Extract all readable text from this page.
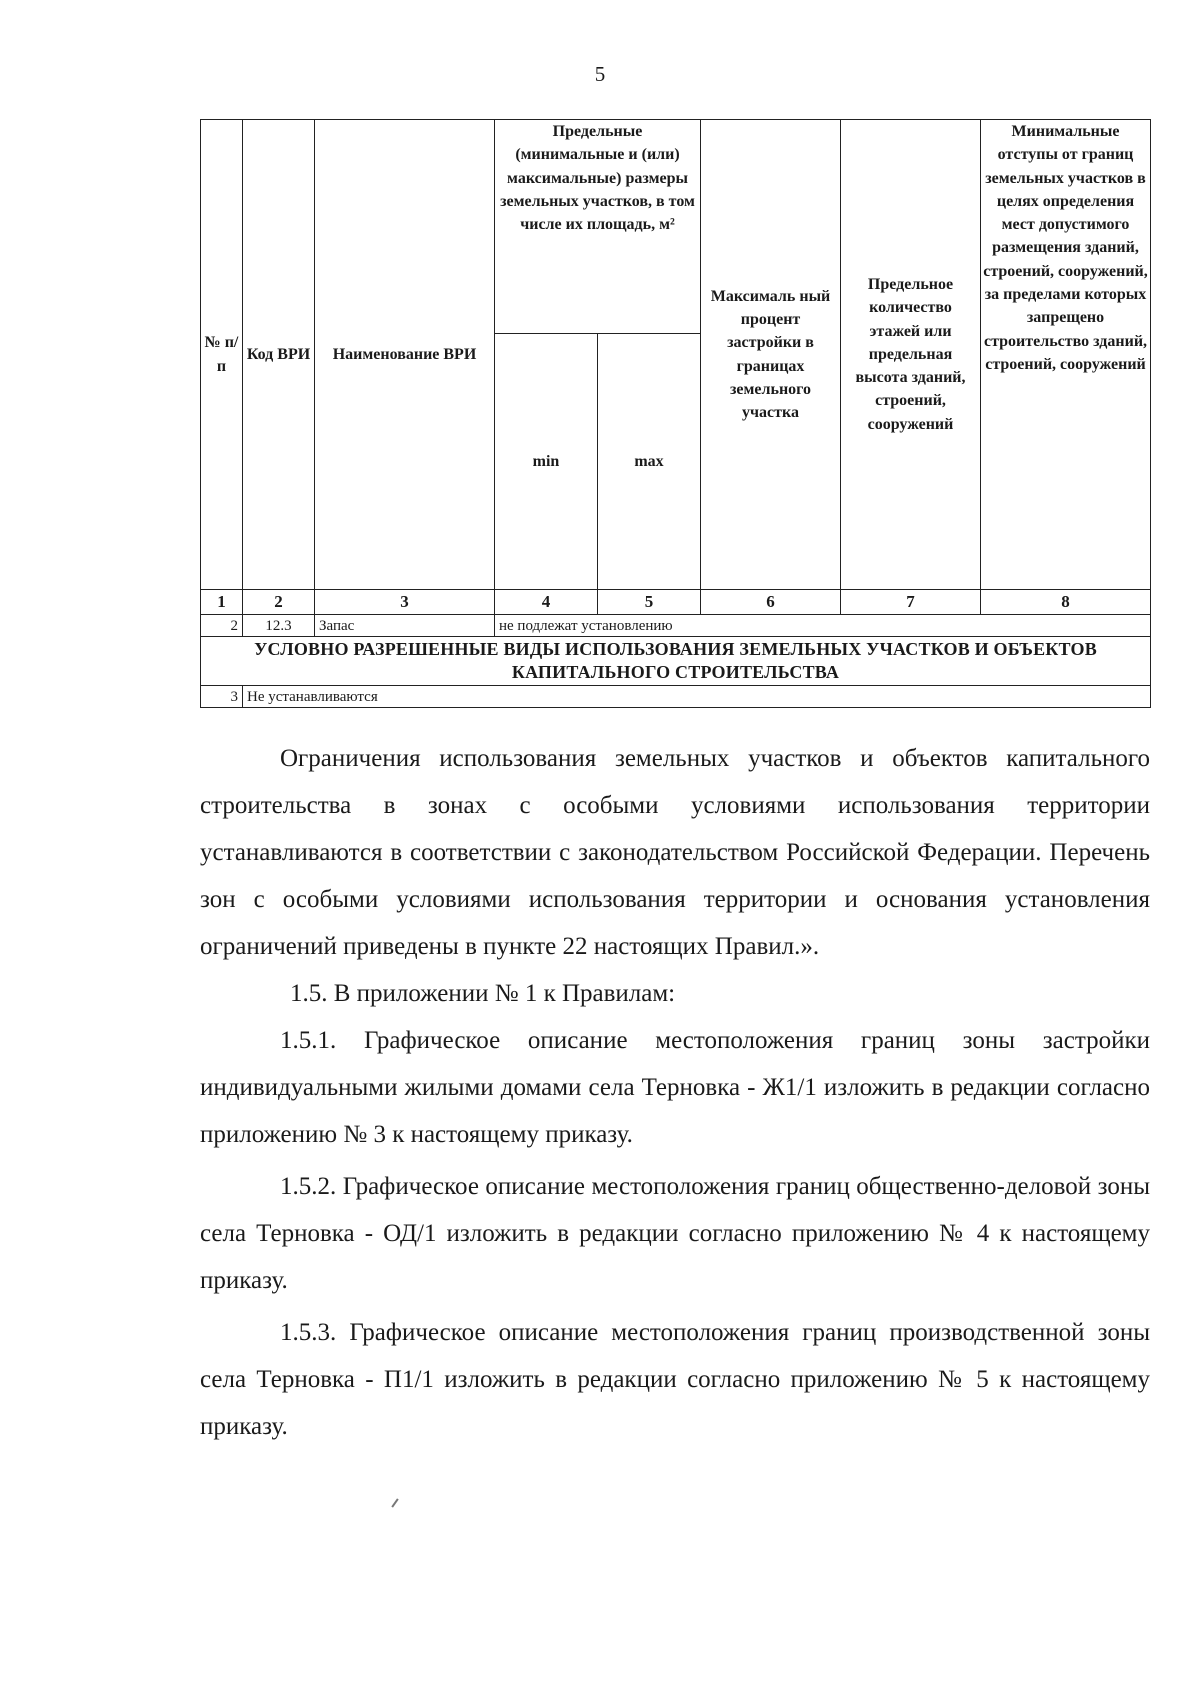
5
№ п/ п	Код ВРИ	Наименование ВРИ	Предельные (минимальные и (или) максимальные) размеры земельных участков, в том числе их площадь, м²		Максималь ный процент застройки в границах земельного участка	Предельное количество этажей или предельная высота зданий, строений, сооружений	Минимальные отступы от границ земельных участков в целях определения мест допустимого размещения зданий, строений, сооружений, за пределами которых запрещено строительство зданий, строений, сооружений
			min	max			
1	2	3	4	5	6	7	8
2	12.3	Запас	не подлежат установлению				
УСЛОВНО РАЗРЕШЕННЫЕ ВИДЫ ИСПОЛЬЗОВАНИЯ ЗЕМЕЛЬНЫХ УЧАСТКОВ И ОБЪЕКТОВ КАПИТАЛЬНОГО СТРОИТЕЛЬСТВА							
3	Не устанавливаются						

Ограничения использования земельных участков и объектов капитального строительства в зонах с особыми условиями использования территории устанавливаются в соответствии с законодательством Российской Федерации. Перечень зон с особыми условиями использования территории и основания установления ограничений приведены в пункте 22 настоящих Правил.».

1.5. В приложении № 1 к Правилам:

1.5.1. Графическое описание местоположения границ зоны застройки индивидуальными жилыми домами села Терновка - Ж1/1 изложить в редакции согласно приложению № 3 к настоящему приказу.

1.5.2. Графическое описание местоположения границ общественно-деловой зоны села Терновка - ОД/1 изложить в редакции согласно приложению № 4 к настоящему приказу.

1.5.3. Графическое описание местоположения границ производственной зоны села Терновка - П1/1 изложить в редакции согласно приложению № 5 к настоящему приказу.
